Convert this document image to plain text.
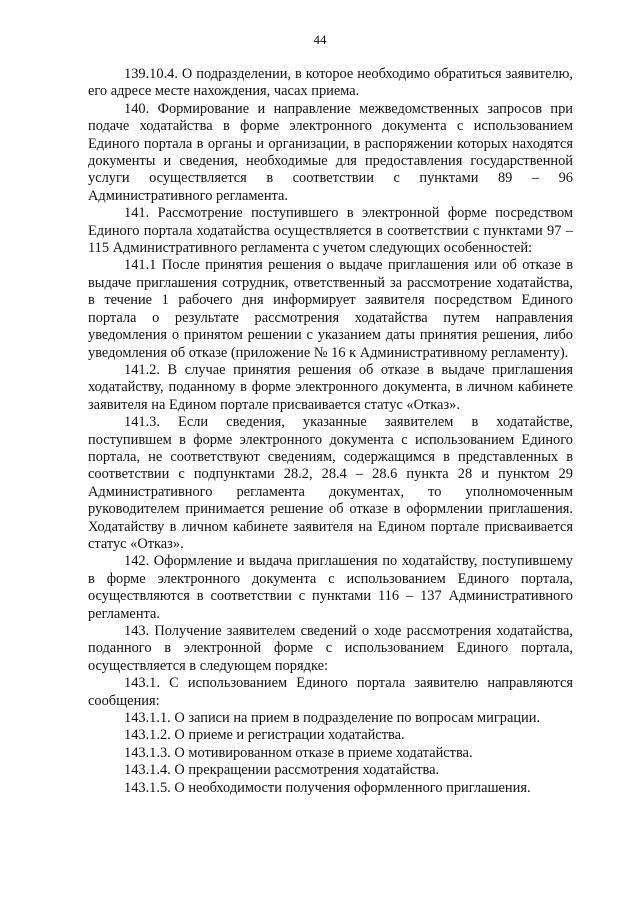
44

139.10.4. О подразделении, в которое необходимо обратиться заявителю, его адресе месте нахождения, часах приема.

140. Формирование и направление межведомственных запросов при подаче ходатайства в форме электронного документа с использованием Единого портала в органы и организации, в распоряжении которых находятся документы и сведения, необходимые для предоставления государственной услуги осуществляется в соответствии с пунктами 89 – 96 Административного регламента.

141. Рассмотрение поступившего в электронной форме посредством Единого портала ходатайства осуществляется в соответствии с пунктами 97 – 115 Административного регламента с учетом следующих особенностей:

141.1 После принятия решения о выдаче приглашения или об отказе в выдаче приглашения сотрудник, ответственный за рассмотрение ходатайства, в течение 1 рабочего дня информирует заявителя посредством Единого портала о результате рассмотрения ходатайства путем направления уведомления о принятом решении с указанием даты принятия решения, либо уведомления об отказе (приложение № 16 к Административному регламенту).

141.2. В случае принятия решения об отказе в выдаче приглашения ходатайству, поданному в форме электронного документа, в личном кабинете заявителя на Едином портале присваивается статус «Отказ».

141.3. Если сведения, указанные заявителем в ходатайстве, поступившем в форме электронного документа с использованием Единого портала, не соответствуют сведениям, содержащимся в представленных в соответствии с подпунктами 28.2, 28.4 – 28.6 пункта 28 и пунктом 29 Административного регламента документах, то уполномоченным руководителем принимается решение об отказе в оформлении приглашения. Ходатайству в личном кабинете заявителя на Едином портале присваивается статус «Отказ».

142. Оформление и выдача приглашения по ходатайству, поступившему в форме электронного документа с использованием Единого портала, осуществляются в соответствии с пунктами 116 – 137 Административного регламента.

143. Получение заявителем сведений о ходе рассмотрения ходатайства, поданного в электронной форме с использованием Единого портала, осуществляется в следующем порядке:

143.1. С использованием Единого портала заявителю направляются сообщения:

143.1.1. О записи на прием в подразделение по вопросам миграции.

143.1.2. О приеме и регистрации ходатайства.

143.1.3. О мотивированном отказе в приеме ходатайства.

143.1.4. О прекращении рассмотрения ходатайства.

143.1.5. О необходимости получения оформленного приглашения.
